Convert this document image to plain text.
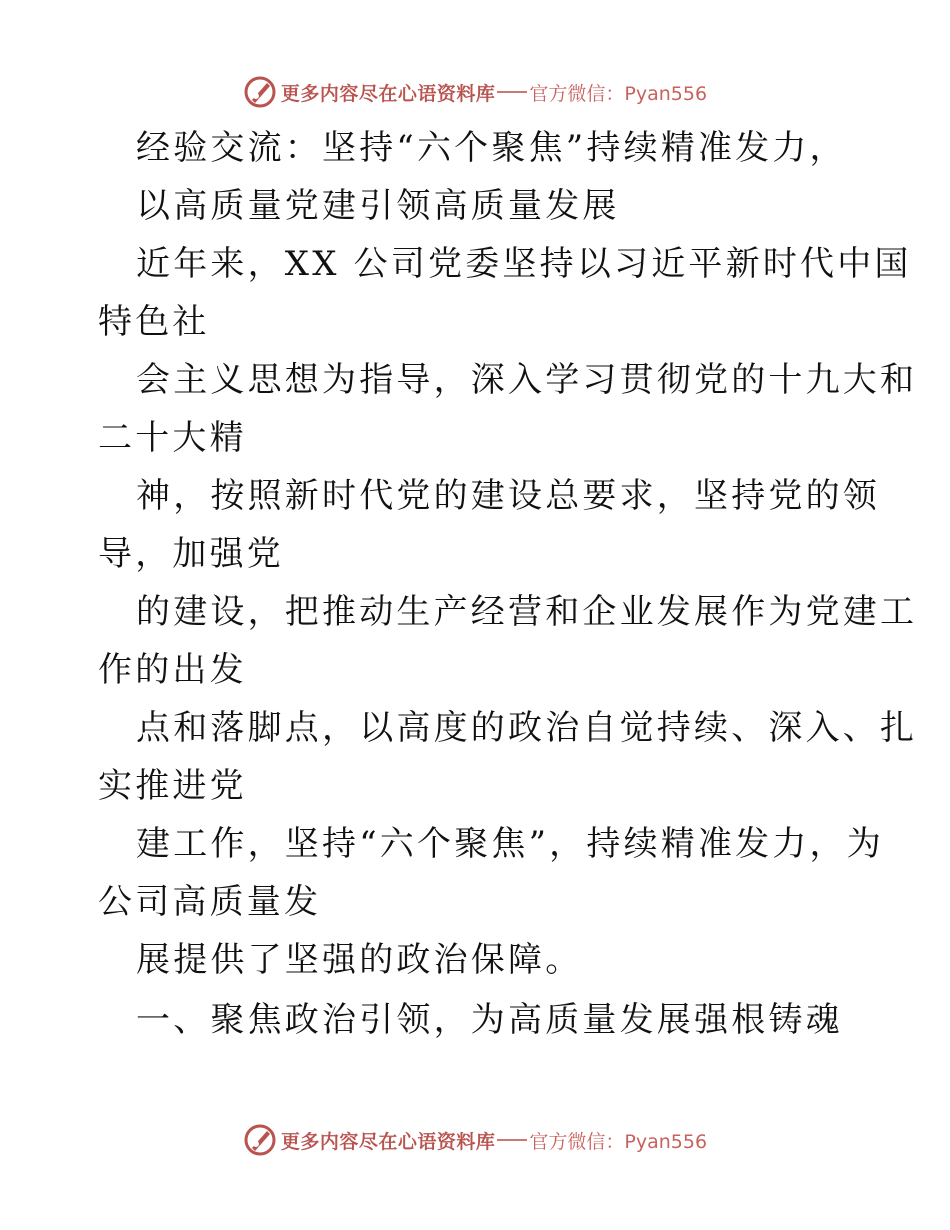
更多内容尽在心语资料库 官方微信：Pyan556
经验交流：坚持“六个聚焦”持续精准发力，
以高质量党建引领高质量发展
近年来，XX 公司党委坚持以习近平新时代中国
特色社
会主义思想为指导，深入学习贯彻党的十九大和
二十大精
神，按照新时代党的建设总要求，坚持党的领
导，加强党
的建设，把推动生产经营和企业发展作为党建工
作的出发
点和落脚点，以高度的政治自觉持续、深入、扎
实推进党
建工作，坚持“六个聚焦”，持续精准发力，为
公司高质量发
展提供了坚强的政治保障。
一、聚焦政治引领，为高质量发展强根铸魂
更多内容尽在心语资料库 官方微信：Pyan556
